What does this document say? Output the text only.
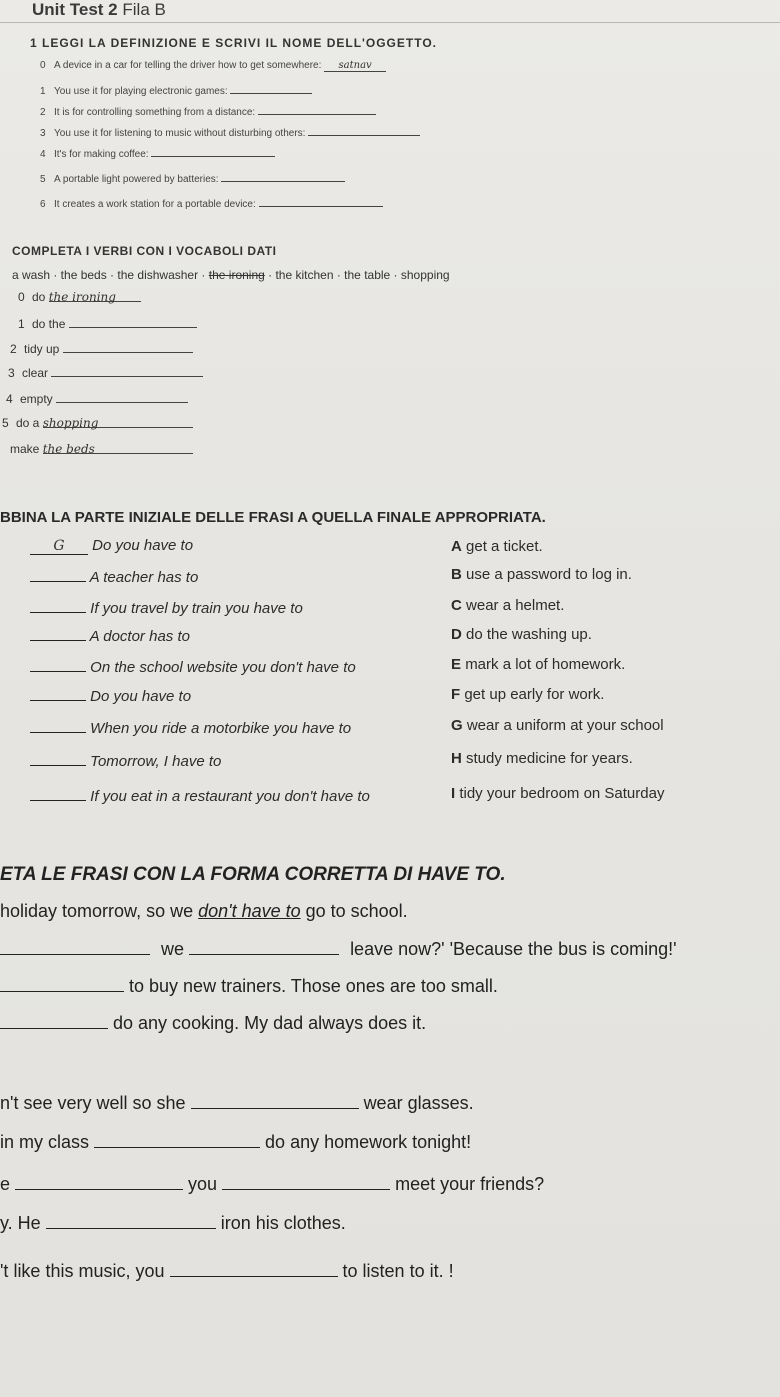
Unit Test 2 Fila B
1 LEGGI LA DEFINIZIONE E SCRIVI IL NOME DELL'OGGETTO.
0 A device in a car for telling the driver how to get somewhere: satnav
1 You use it for playing electronic games:
2 It is for controlling something from a distance:
3 You use it for listening to music without disturbing others:
4 It's for making coffee:
5 A portable light powered by batteries:
6 It creates a work station for a portable device:
COMPLETA I VERBI CON I VOCABOLI DATI
a wash · the beds · the dishwasher · the ironing · the kitchen · the table · shopping
0 do the ironing
1 do the
2 tidy up
3 clear
4 empty
5 do a shopping
make the beds
BBINA LA PARTE INIZIALE DELLE FRASI A QUELLA FINALE APPROPRIATA.
G Do you have to
A teacher has to
If you travel by train you have to
A doctor has to
On the school website you don't have to
Do you have to
When you ride a motorbike you have to
Tomorrow, I have to
If you eat in a restaurant you don't have to
A get a ticket.
B use a password to log in.
C wear a helmet.
D do the washing up.
E mark a lot of homework.
F get up early for work.
G wear a uniform at your school
H study medicine for years.
I tidy your bedroom on Saturday
ETA LE FRASI CON LA FORMA CORRETTA DI HAVE TO.
holiday tomorrow, so we don't have to go to school.
we	leave now?' 'Because the bus is coming!'
to buy new trainers. Those ones are too small.
do any cooking. My dad always does it.
n't see very well so she	wear glasses.
in my class	do any homework tonight!
e	you	meet your friends?
y. He	iron his clothes.
't like this music, you	to listen to it. !
